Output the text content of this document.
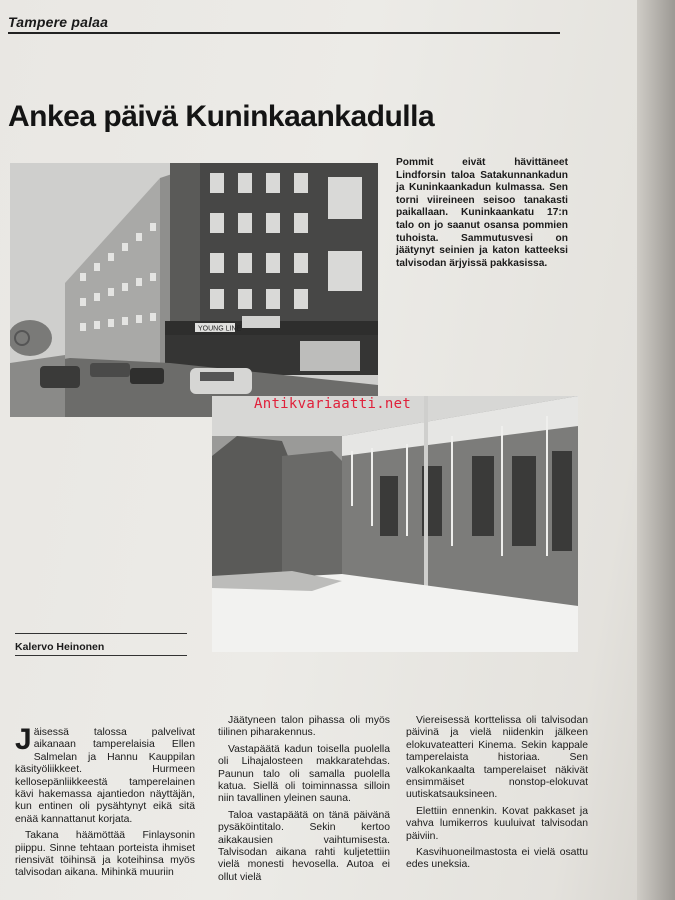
Tampere palaa
Ankea päivä Kuninkaankadulla
YOUNG LINE
Pommit eivät hävittäneet Lindforsin taloa Satakunnankadun ja Kuninkaankadun kulmassa. Sen torni viireineen seisoo tanakasti paikallaan. Kuninkaankatu 17:n talo on jo saanut osansa pommien tuhoista. Sammutusvesi on jäätynyt seinien ja katon katteeksi talvisodan ärjyissä pakkasissa.
Antikvariaatti.net
Kalervo Heinonen

Jäisessä talossa palvelivat aikanaan tamperelaisia Ellen Salmelan ja Hannu Kauppilan käsityöliikkeet. Hurmeen kellosepänliikkeestä tamperelainen kävi hakemassa ajantiedon näyttäjän, kun entinen oli pysähtynyt eikä sitä enää kannattanut korjata.

Takana häämöttää Finlaysonin piippu. Sinne tehtaan porteista ihmiset riensivät töihinsä ja koteihinsa myös talvisodan aikana. Mihinkä muuriin

Jäätyneen talon pihassa oli myös tiilinen piharakennus.

Vastapäätä kadun toisella puolella oli Lihajalosteen makkaratehdas. Paunun talo oli samalla puolella katua. Siellä oli toiminnassa silloin niin tavallinen yleinen sauna.

Taloa vastapäätä on tänä päivänä pysäköintitalo. Sekin kertoo aikakausien vaihtumisesta. Talvisodan aikana rahti kuljetettiin vielä monesti hevosella. Autoa ei ollut vielä

Viereisessä korttelissa oli talvisodan päivinä ja vielä niidenkin jälkeen elokuvateatteri Kinema. Sekin kappale tamperelaista historiaa. Sen valkokankaalta tamperelaiset näkivät ensimmäiset nonstop-elokuvat uutiskatsauksineen.

Elettiin ennenkin. Kovat pakkaset ja vahva lumikerros kuuluivat talvisodan päiviin.

Kasvihuoneilmastosta ei vielä osattu edes uneksia.
